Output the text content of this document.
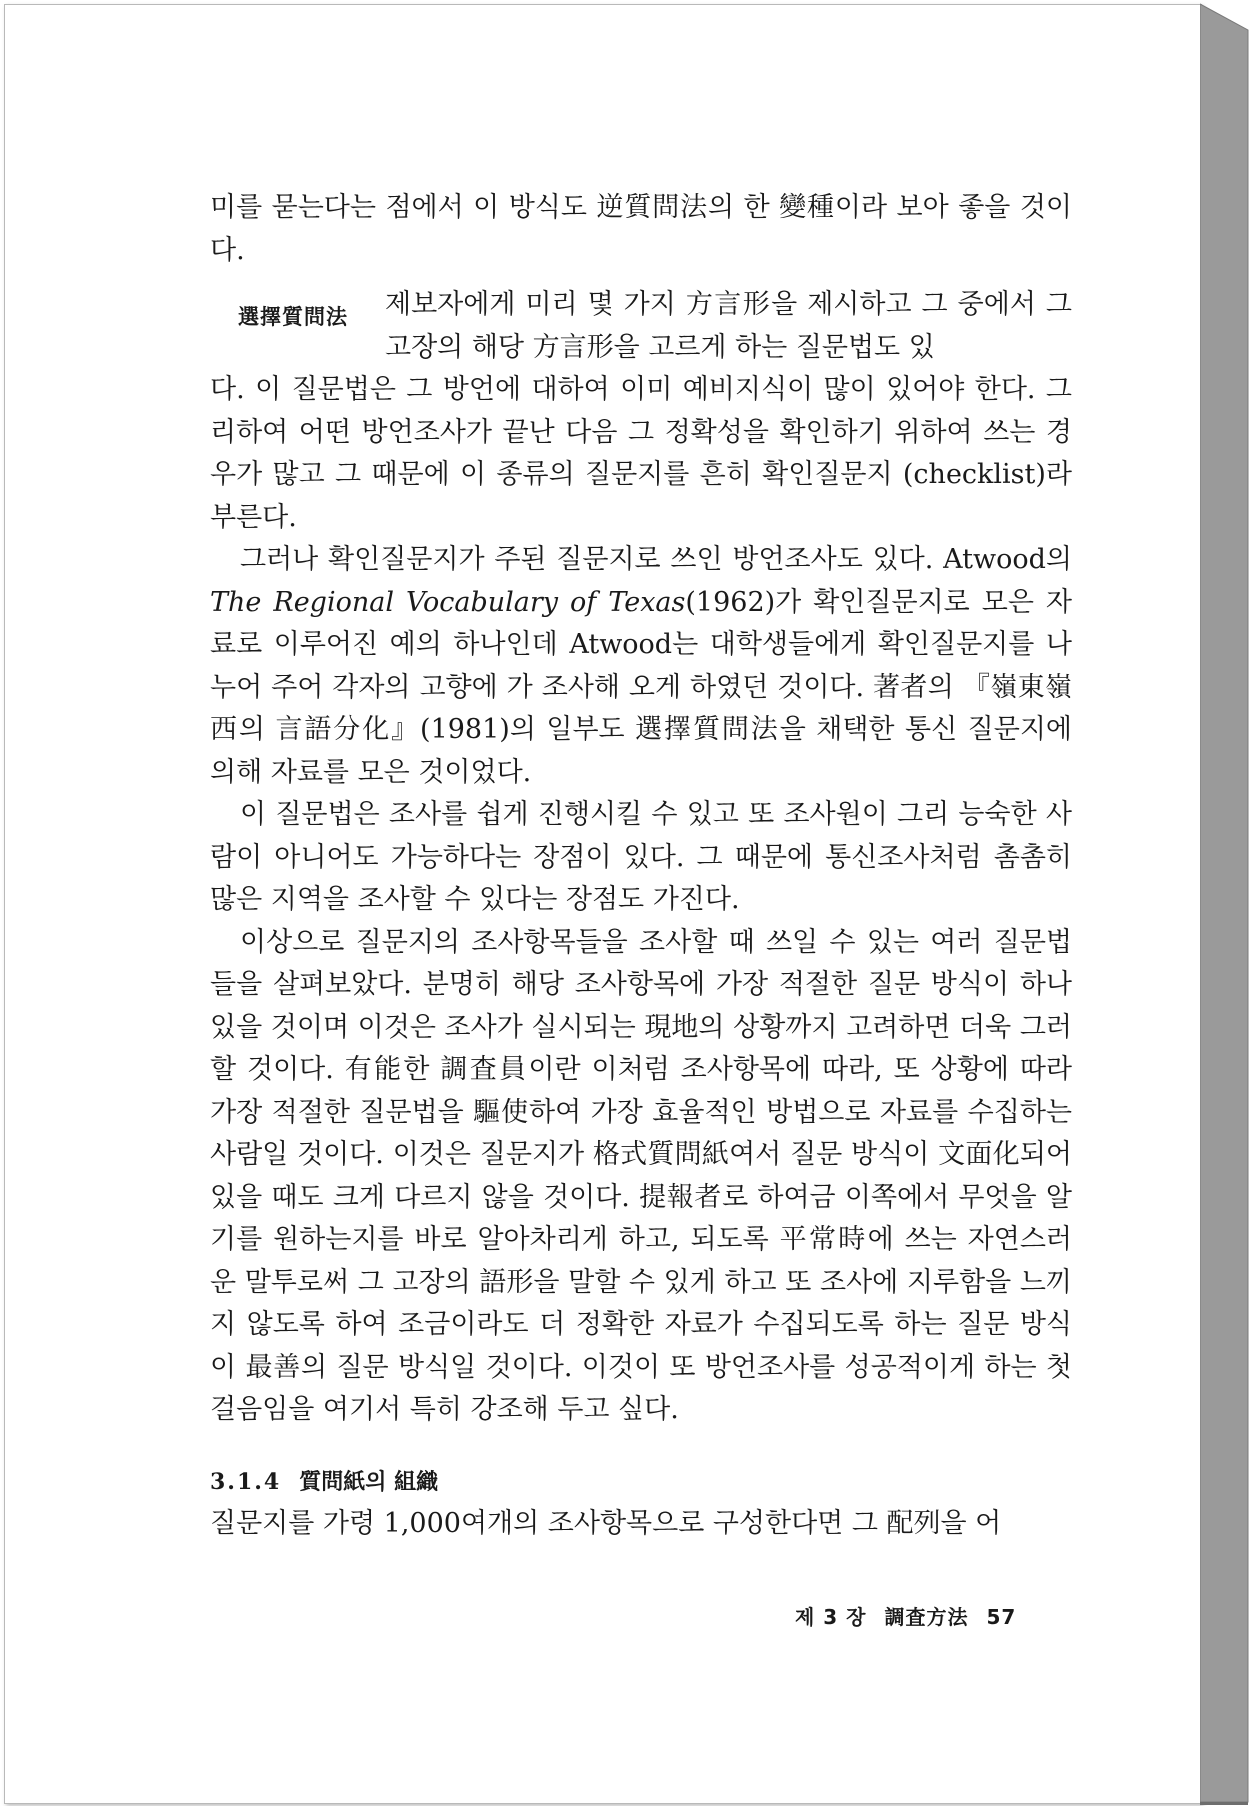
미를 묻는다는 점에서 이 방식도 逆質問法의 한 變種이라 보아 좋을 것이다.

選擇質問法	제보자에게 미리 몇 가지 方言形을 제시하고 그 중에서 그 고장의 해당 方言形을 고르게 하는 질문법도 있

다. 이 질문법은 그 방언에 대하여 이미 예비지식이 많이 있어야 한다. 그리하여 어떤 방언조사가 끝난 다음 그 정확성을 확인하기 위하여 쓰는 경우가 많고 그 때문에 이 종류의 질문지를 흔히 확인질문지 (checklist)라 부른다.

그러나 확인질문지가 주된 질문지로 쓰인 방언조사도 있다. Atwood의 The Regional Vocabulary of Texas(1962)가 확인질문지로 모은 자료로 이루어진 예의 하나인데 Atwood는 대학생들에게 확인질문지를 나누어 주어 각자의 고향에 가 조사해 오게 하였던 것이다. 著者의 『嶺東嶺西의 言語分化』(1981)의 일부도 選擇質問法을 채택한 통신 질문지에 의해 자료를 모은 것이었다.

이 질문법은 조사를 쉽게 진행시킬 수 있고 또 조사원이 그리 능숙한 사람이 아니어도 가능하다는 장점이 있다. 그 때문에 통신조사처럼 촘촘히 많은 지역을 조사할 수 있다는 장점도 가진다.

이상으로 질문지의 조사항목들을 조사할 때 쓰일 수 있는 여러 질문법들을 살펴보았다. 분명히 해당 조사항목에 가장 적절한 질문 방식이 하나 있을 것이며 이것은 조사가 실시되는 現地의 상황까지 고려하면 더욱 그러할 것이다. 有能한 調査員이란 이처럼 조사항목에 따라, 또 상황에 따라 가장 적절한 질문법을 驅使하여 가장 효율적인 방법으로 자료를 수집하는 사람일 것이다. 이것은 질문지가 格式質問紙여서 질문 방식이 文面化되어 있을 때도 크게 다르지 않을 것이다. 提報者로 하여금 이쪽에서 무엇을 알기를 원하는지를 바로 알아차리게 하고, 되도록 平常時에 쓰는 자연스러운 말투로써 그 고장의 語形을 말할 수 있게 하고 또 조사에 지루함을 느끼지 않도록 하여 조금이라도 더 정확한 자료가 수집되도록 하는 질문 방식이 最善의 질문 방식일 것이다. 이것이 또 방언조사를 성공적이게 하는 첫걸음임을 여기서 특히 강조해 두고 싶다.

3.1.4 質問紙의 組織

질문지를 가령 1,000여개의 조사항목으로 구성한다면 그 配列을 어

제 3 장 調査方法 57
